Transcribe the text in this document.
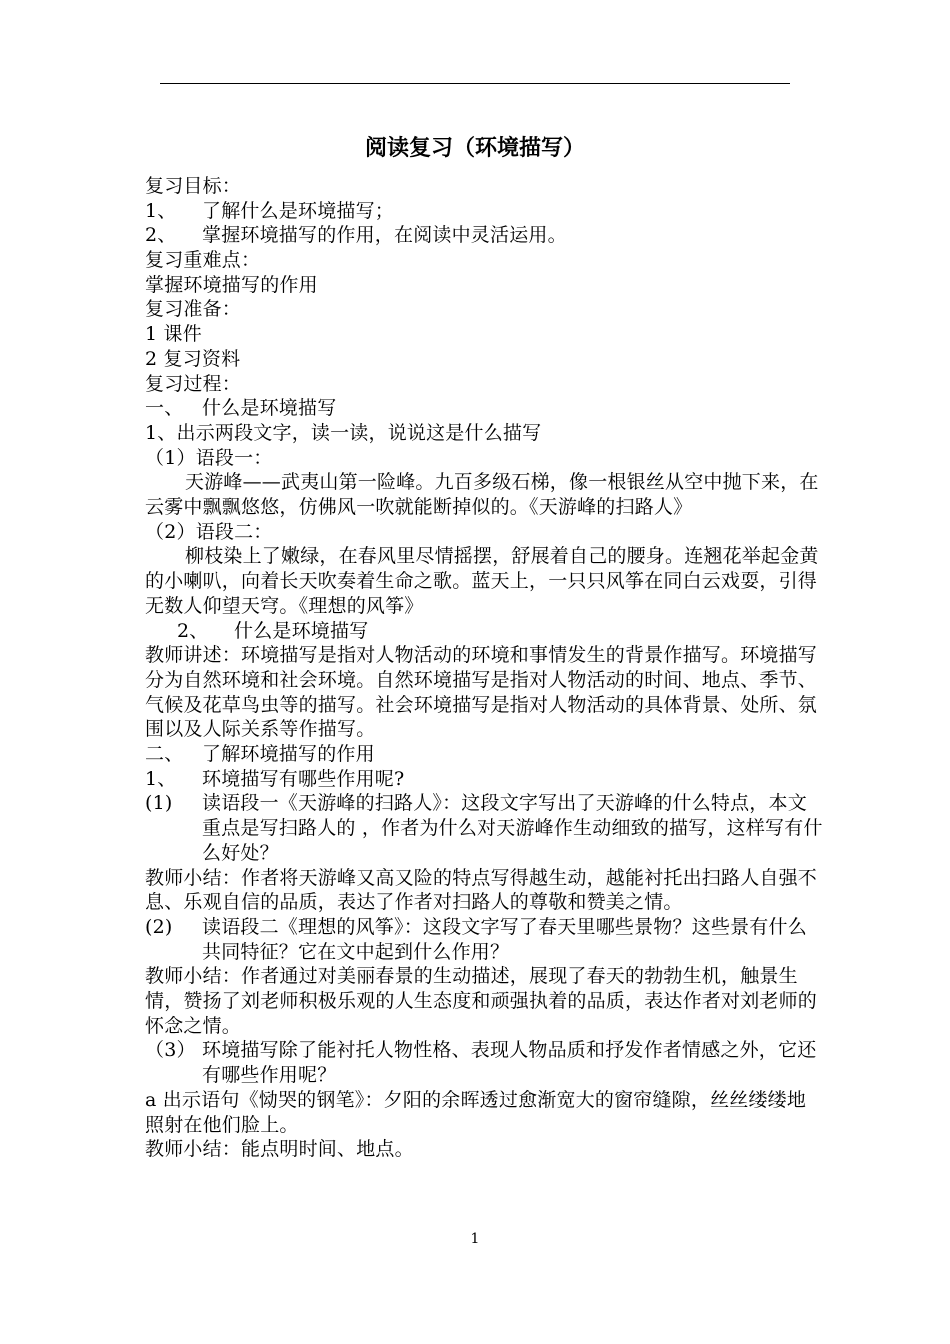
阅读复习（环境描写）
复习目标：
1、	了解什么是环境描写；
2、	掌握环境描写的作用，在阅读中灵活运用。
复习重难点：
掌握环境描写的作用
复习准备：
1 课件
2 复习资料
复习过程：
一、 什么是环境描写
1、出示两段文字，读一读，说说这是什么描写
（1）语段一：
天游峰——武夷山第一险峰。九百多级石梯，像一根银丝从空中抛下来，在云雾中飘飘悠悠，仿佛风一吹就能断掉似的。《天游峰的扫路人》
（2）语段二：
柳枝染上了嫩绿，在春风里尽情摇摆，舒展着自己的腰身。连翘花举起金黄的小喇叭，向着长天吹奏着生命之歌。蓝天上，一只只风筝在同白云戏耍，引得无数人仰望天穹。《理想的风筝》
2、 什么是环境描写
教师讲述：环境描写是指对人物活动的环境和事情发生的背景作描写。环境描写分为自然环境和社会环境。自然环境描写是指对人物活动的时间、地点、季节、气候及花草鸟虫等的描写。社会环境描写是指对人物活动的具体背景、处所、氛围以及人际关系等作描写。
二、 了解环境描写的作用
1、	环境描写有哪些作用呢?
(1)	读语段一《天游峰的扫路人》：这段文字写出了天游峰的什么特点，本文重点是写扫路人的 ，作者为什么对天游峰作生动细致的描写，这样写有什么好处？
教师小结：作者将天游峰又高又险的特点写得越生动，越能衬托出扫路人自强不息、乐观自信的品质，表达了作者对扫路人的尊敬和赞美之情。
(2)	读语段二《理想的风筝》：这段文字写了春天里哪些景物？这些景有什么共同特征？它在文中起到什么作用？
教师小结：作者通过对美丽春景的生动描述，展现了春天的勃勃生机，触景生情，赞扬了刘老师积极乐观的人生态度和顽强执着的品质，表达作者对刘老师的怀念之情。
（3） 环境描写除了能衬托人物性格、表现人物品质和抒发作者情感之外，它还有哪些作用呢？
a 出示语句《恸哭的钢笔》：夕阳的余晖透过愈渐宽大的窗帘缝隙，丝丝缕缕地照射在他们脸上。
教师小结：能点明时间、地点。
1
